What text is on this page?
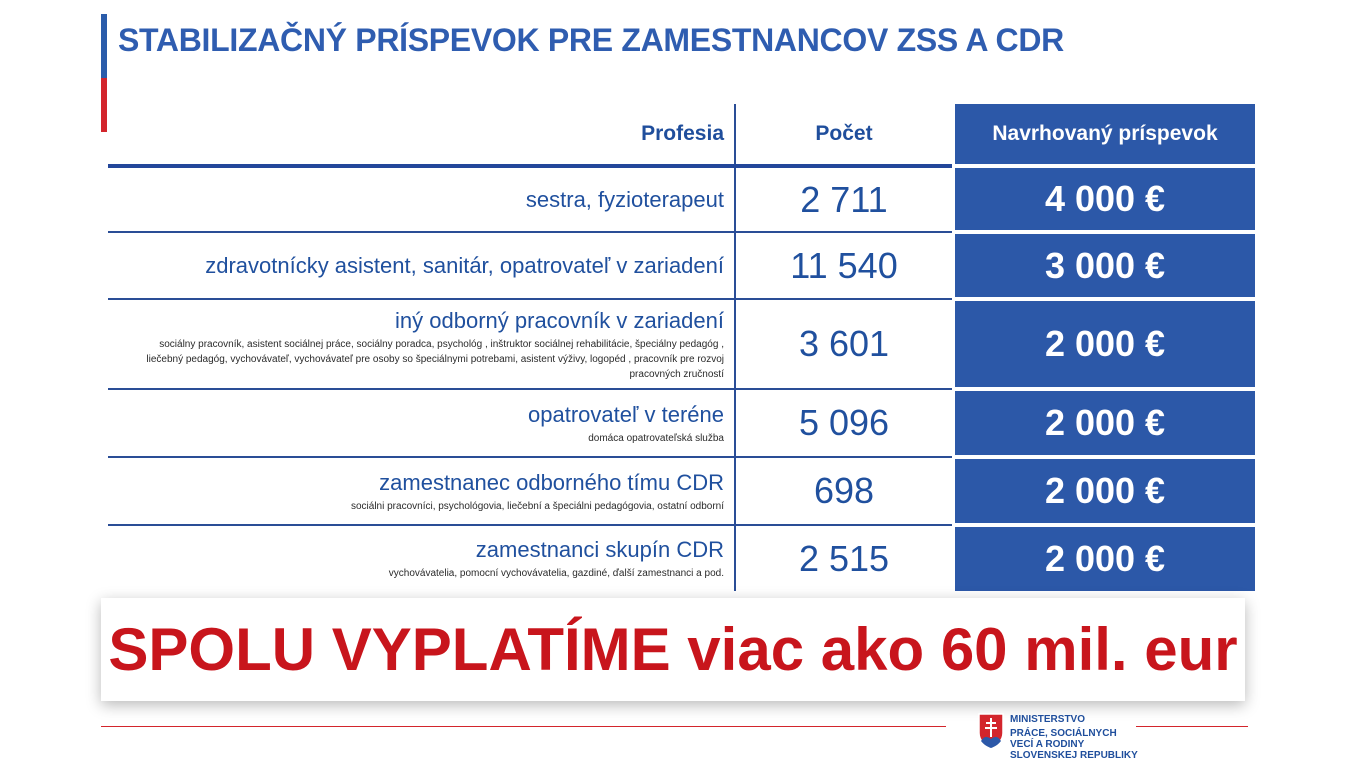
STABILIZAČNÝ PRÍSPEVOK PRE ZAMESTNANCOV ZSS A CDR
Profesia	Počet		Navrhovaný príspevok

sestra, fyzioterapeut	2 711		4 000 €

zdravotnícky asistent, sanitár, opatrovateľ v zariadení	11 540		3 000 €

iný odborný pracovník v zariadení
sociálny pracovník, asistent sociálnej práce, sociálny poradca, psychológ , inštruktor sociálnej rehabilitácie, špeciálny pedagóg , liečebný pedagóg, vychovávateľ, vychovávateľ pre osoby so špeciálnymi potrebami, asistent výživy, logopéd , pracovník pre rozvoj pracovných zručností	3 601		2 000 €

opatrovateľ v teréne
domáca opatrovateľská služba	5 096		2 000 €

zamestnanec odborného tímu CDR
sociálni pracovníci, psychológovia, liečební a špeciálni pedagógovia, ostatní odborní	698		2 000 €

zamestnanci skupín CDR
vychovávatelia, pomocní vychovávatelia, gazdiné, ďalší zamestnanci a pod.	2 515		2 000 €
SPOLU VYPLATÍME viac ako 60 mil. eur
MINISTERSTVO
PRÁCE, SOCIÁLNYCH
VECÍ A RODINY
SLOVENSKEJ REPUBLIKY
